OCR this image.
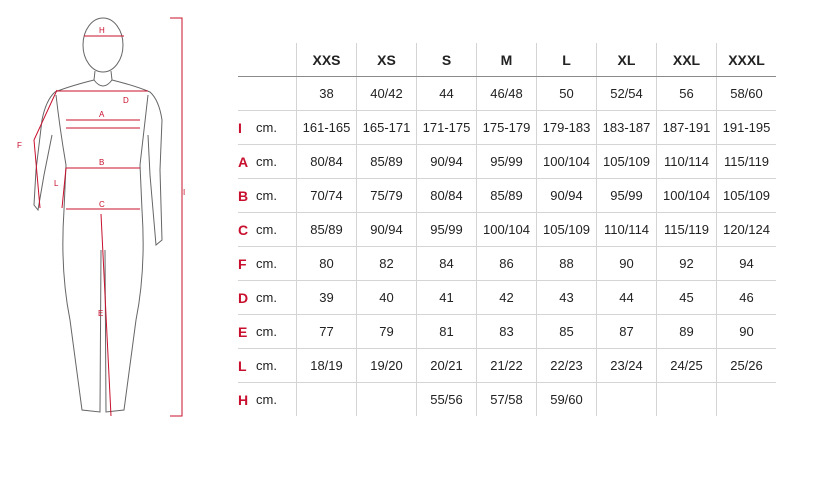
H
D
A
B
C
F
L
E
I
		XXS	XS	S	M	L	XL	XXL	XXXL
		38	40/42	44	46/48	50	52/54	56	58/60
I	cm.	161-165	165-171	171-175	175-179	179-183	183-187	187-191	191-195
A	cm.	80/84	85/89	90/94	95/99	100/104	105/109	110/114	115/119
B	cm.	70/74	75/79	80/84	85/89	90/94	95/99	100/104	105/109
C	cm.	85/89	90/94	95/99	100/104	105/109	110/114	115/119	120/124
F	cm.	80	82	84	86	88	90	92	94
D	cm.	39	40	41	42	43	44	45	46
E	cm.	77	79	81	83	85	87	89	90
L	cm.	18/19	19/20	20/21	21/22	22/23	23/24	24/25	25/26
H	cm.			55/56	57/58	59/60			
